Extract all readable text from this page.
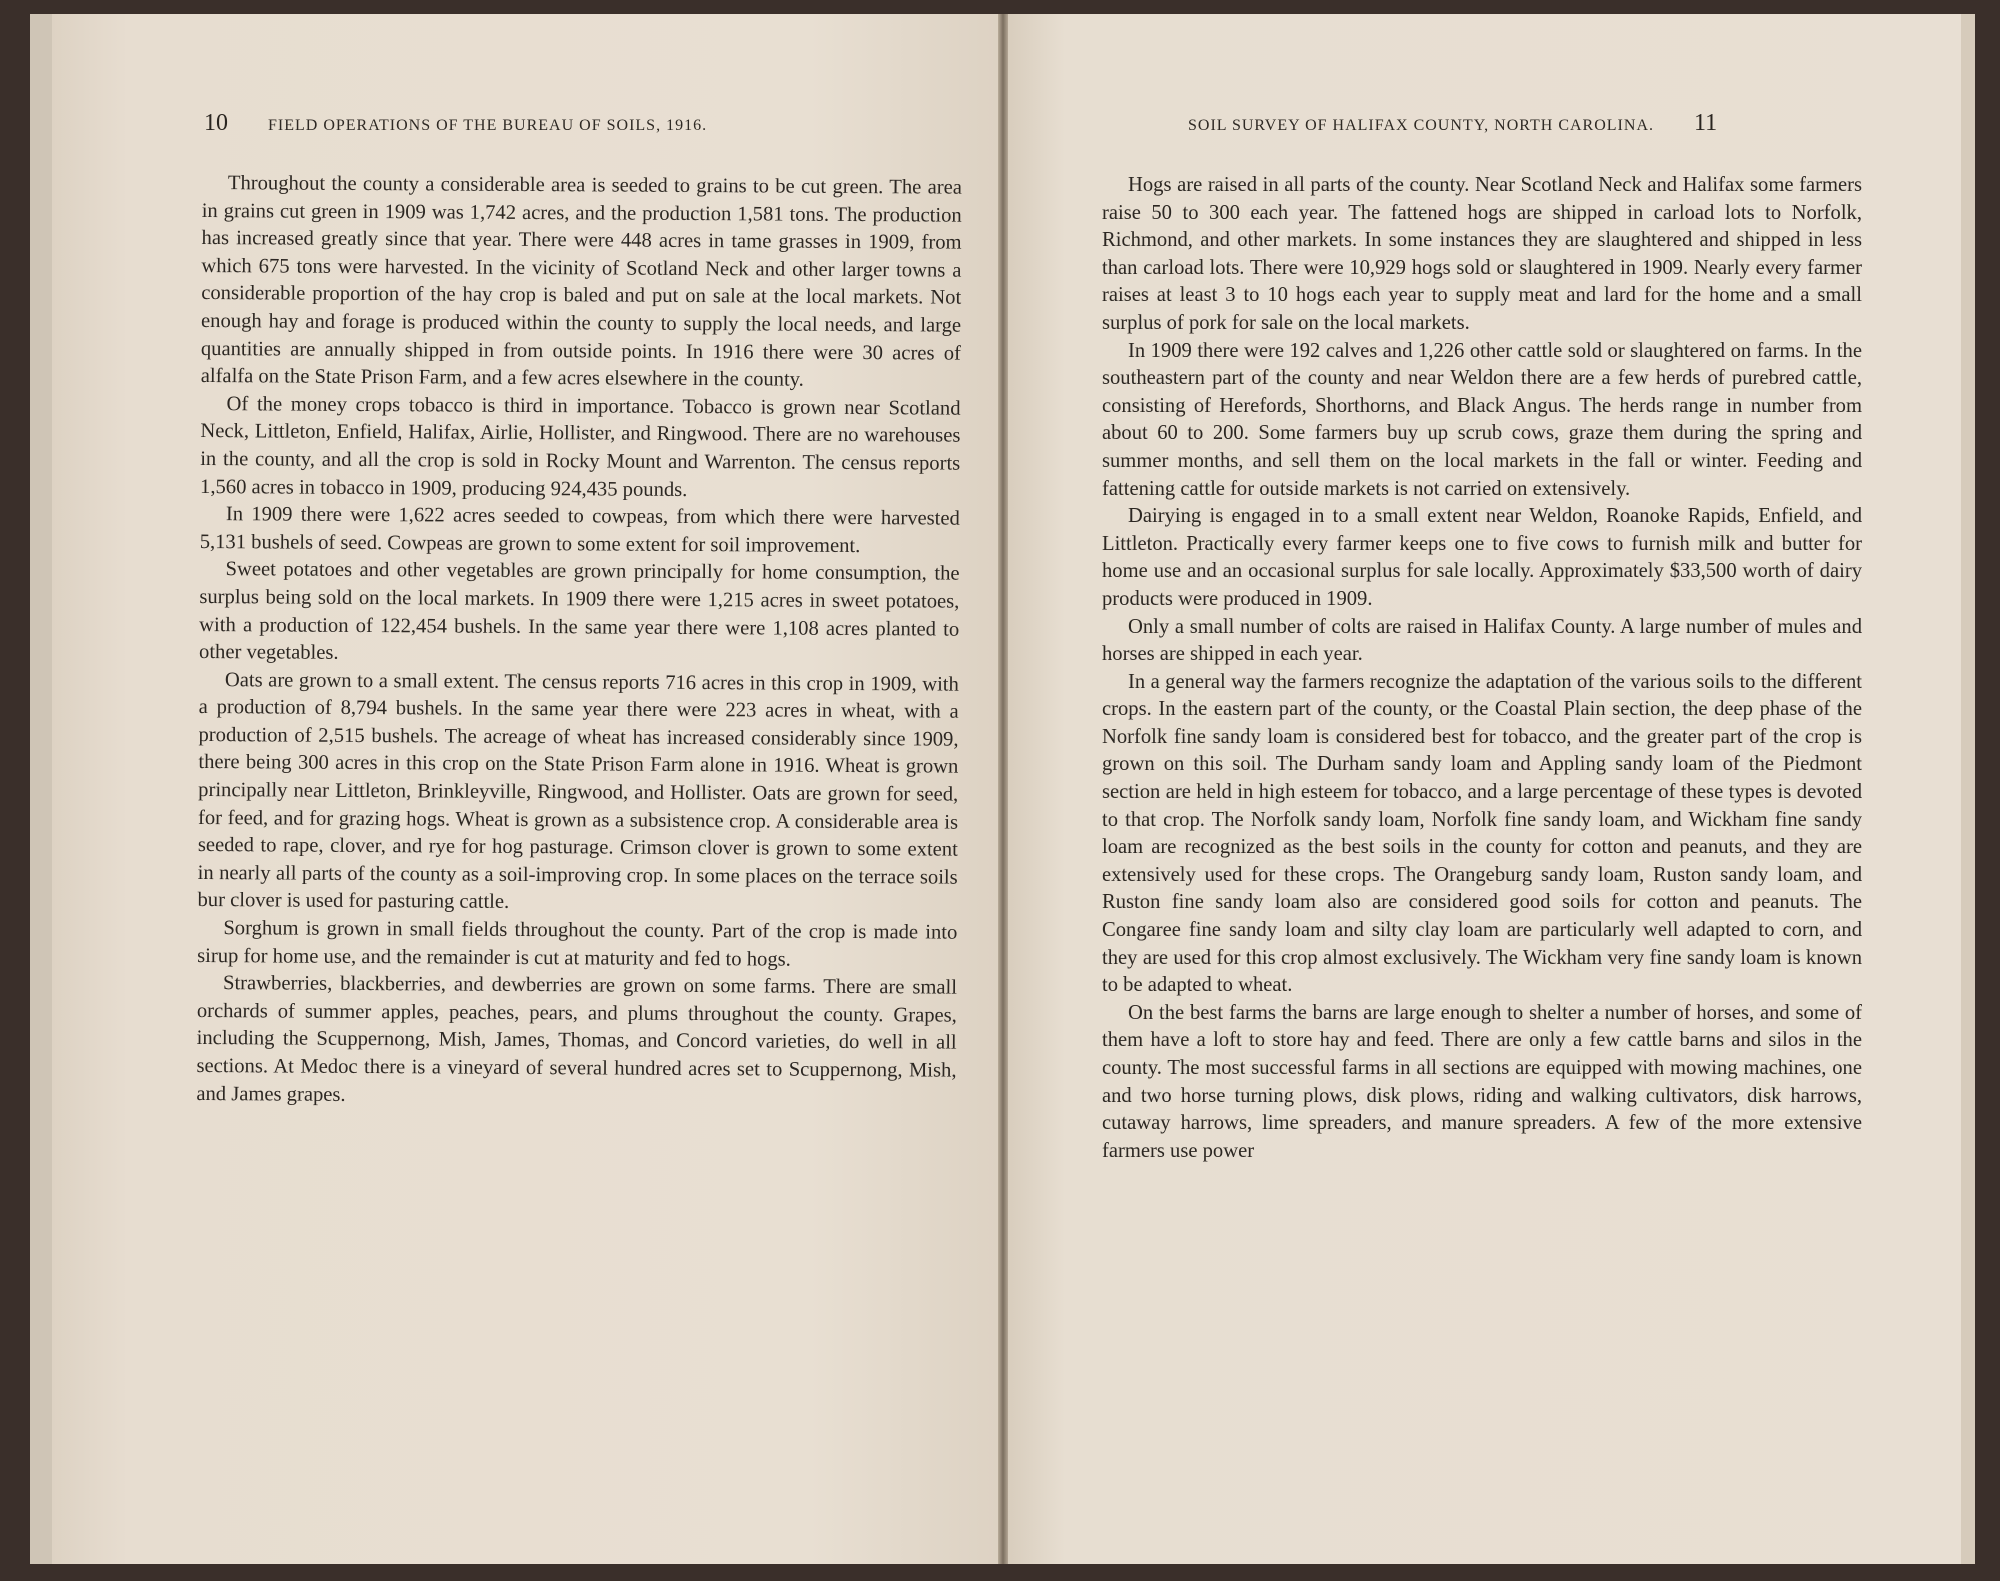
10	FIELD OPERATIONS OF THE BUREAU OF SOILS, 1916.

Throughout the county a considerable area is seeded to grains to be cut green. The area in grains cut green in 1909 was 1,742 acres, and the production 1,581 tons. The production has increased greatly since that year. There were 448 acres in tame grasses in 1909, from which 675 tons were harvested. In the vicinity of Scotland Neck and other larger towns a considerable proportion of the hay crop is baled and put on sale at the local markets. Not enough hay and forage is produced within the county to supply the local needs, and large quantities are annually shipped in from outside points. In 1916 there were 30 acres of alfalfa on the State Prison Farm, and a few acres elsewhere in the county.

Of the money crops tobacco is third in importance. Tobacco is grown near Scotland Neck, Littleton, Enfield, Halifax, Airlie, Hollister, and Ringwood. There are no warehouses in the county, and all the crop is sold in Rocky Mount and Warrenton. The census reports 1,560 acres in tobacco in 1909, producing 924,435 pounds.

In 1909 there were 1,622 acres seeded to cowpeas, from which there were harvested 5,131 bushels of seed. Cowpeas are grown to some extent for soil improvement.

Sweet potatoes and other vegetables are grown principally for home consumption, the surplus being sold on the local markets. In 1909 there were 1,215 acres in sweet potatoes, with a production of 122,454 bushels. In the same year there were 1,108 acres planted to other vegetables.

Oats are grown to a small extent. The census reports 716 acres in this crop in 1909, with a production of 8,794 bushels. In the same year there were 223 acres in wheat, with a production of 2,515 bushels. The acreage of wheat has increased considerably since 1909, there being 300 acres in this crop on the State Prison Farm alone in 1916. Wheat is grown principally near Littleton, Brinkleyville, Ringwood, and Hollister. Oats are grown for seed, for feed, and for grazing hogs. Wheat is grown as a subsistence crop. A considerable area is seeded to rape, clover, and rye for hog pasturage. Crimson clover is grown to some extent in nearly all parts of the county as a soil-improving crop. In some places on the terrace soils bur clover is used for pasturing cattle.

Sorghum is grown in small fields throughout the county. Part of the crop is made into sirup for home use, and the remainder is cut at maturity and fed to hogs.

Strawberries, blackberries, and dewberries are grown on some farms. There are small orchards of summer apples, peaches, pears, and plums throughout the county. Grapes, including the Scuppernong, Mish, James, Thomas, and Concord varieties, do well in all sections. At Medoc there is a vineyard of several hundred acres set to Scuppernong, Mish, and James grapes.

SOIL SURVEY OF HALIFAX COUNTY, NORTH CAROLINA. 11

Hogs are raised in all parts of the county. Near Scotland Neck and Halifax some farmers raise 50 to 300 each year. The fattened hogs are shipped in carload lots to Norfolk, Richmond, and other markets. In some instances they are slaughtered and shipped in less than carload lots. There were 10,929 hogs sold or slaughtered in 1909. Nearly every farmer raises at least 3 to 10 hogs each year to supply meat and lard for the home and a small surplus of pork for sale on the local markets.

In 1909 there were 192 calves and 1,226 other cattle sold or slaughtered on farms. In the southeastern part of the county and near Weldon there are a few herds of purebred cattle, consisting of Herefords, Shorthorns, and Black Angus. The herds range in number from about 60 to 200. Some farmers buy up scrub cows, graze them during the spring and summer months, and sell them on the local markets in the fall or winter. Feeding and fattening cattle for outside markets is not carried on extensively.

Dairying is engaged in to a small extent near Weldon, Roanoke Rapids, Enfield, and Littleton. Practically every farmer keeps one to five cows to furnish milk and butter for home use and an occasional surplus for sale locally. Approximately $33,500 worth of dairy products were produced in 1909.

Only a small number of colts are raised in Halifax County. A large number of mules and horses are shipped in each year.

In a general way the farmers recognize the adaptation of the various soils to the different crops. In the eastern part of the county, or the Coastal Plain section, the deep phase of the Norfolk fine sandy loam is considered best for tobacco, and the greater part of the crop is grown on this soil. The Durham sandy loam and Appling sandy loam of the Piedmont section are held in high esteem for tobacco, and a large percentage of these types is devoted to that crop. The Norfolk sandy loam, Norfolk fine sandy loam, and Wickham fine sandy loam are recognized as the best soils in the county for cotton and peanuts, and they are extensively used for these crops. The Orangeburg sandy loam, Ruston sandy loam, and Ruston fine sandy loam also are considered good soils for cotton and peanuts. The Congaree fine sandy loam and silty clay loam are particularly well adapted to corn, and they are used for this crop almost exclusively. The Wickham very fine sandy loam is known to be adapted to wheat.

On the best farms the barns are large enough to shelter a number of horses, and some of them have a loft to store hay and feed. There are only a few cattle barns and silos in the county. The most successful farms in all sections are equipped with mowing machines, one and two horse turning plows, disk plows, riding and walking cultivators, disk harrows, cutaway harrows, lime spreaders, and manure spreaders. A few of the more extensive farmers use power
